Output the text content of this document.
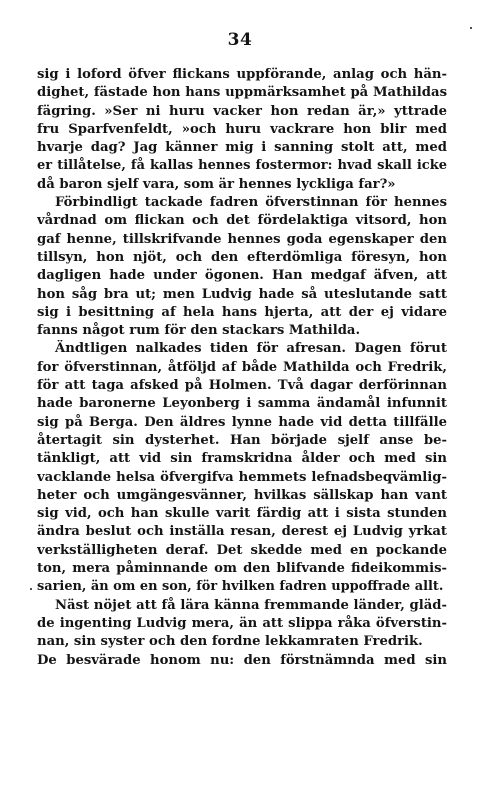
34
sig i loford öfver flickans uppförande, anlag och hän-
dighet, fästade hon hans uppmärksamhet på Mathildas
fägring. »Ser ni huru vacker hon redan är,» yttrade
fru Sparfvenfeldt, »och huru vackrare hon blir med
hvarje dag? Jag känner mig i sanning stolt att, med
er tillåtelse, få kallas hennes fostermor: hvad skall icke
då baron sjelf vara, som är hennes lyckliga far?»
Förbindligt tackade fadren öfverstinnan för hennes
vårdnad om flickan och det fördelaktiga vitsord, hon
gaf henne, tillskrifvande hennes goda egenskaper den
tillsyn, hon njöt, och den efterdömliga föresyn, hon
dagligen hade under ögonen. Han medgaf äfven, att
hon såg bra ut; men Ludvig hade så uteslutande satt
sig i besittning af hela hans hjerta, att der ej vidare
fanns något rum för den stackars Mathilda.
Ändtligen nalkades tiden för afresan. Dagen förut
for öfverstinnan, åtföljd af både Mathilda och Fredrik,
för att taga afsked på Holmen. Två dagar derförinnan
hade baronerne Leyonberg i samma ändamål infunnit
sig på Berga. Den äldres lynne hade vid detta tillfälle
återtagit sin dysterhet. Han började sjelf anse be-
tänkligt, att vid sin framskridna ålder och med sin
vacklande helsa öfvergifva hemmets lefnadsbeqvämlig-
heter och umgängesvänner, hvilkas sällskap han vant
sig vid, och han skulle varit färdig att i sista stunden
ändra beslut och inställa resan, derest ej Ludvig yrkat
verkställigheten deraf. Det skedde med en pockande
ton, mera påminnande om den blifvande fideikommis-
sarien, än om en son, för hvilken fadren uppoffrade allt.
Näst nöjet att få lära känna fremmande länder, gläd-
de ingenting Ludvig mera, än att slippa råka öfverstin-
nan, sin syster och den fordne lekkamraten Fredrik.
De besvärade honom nu: den förstnämnda med sin
